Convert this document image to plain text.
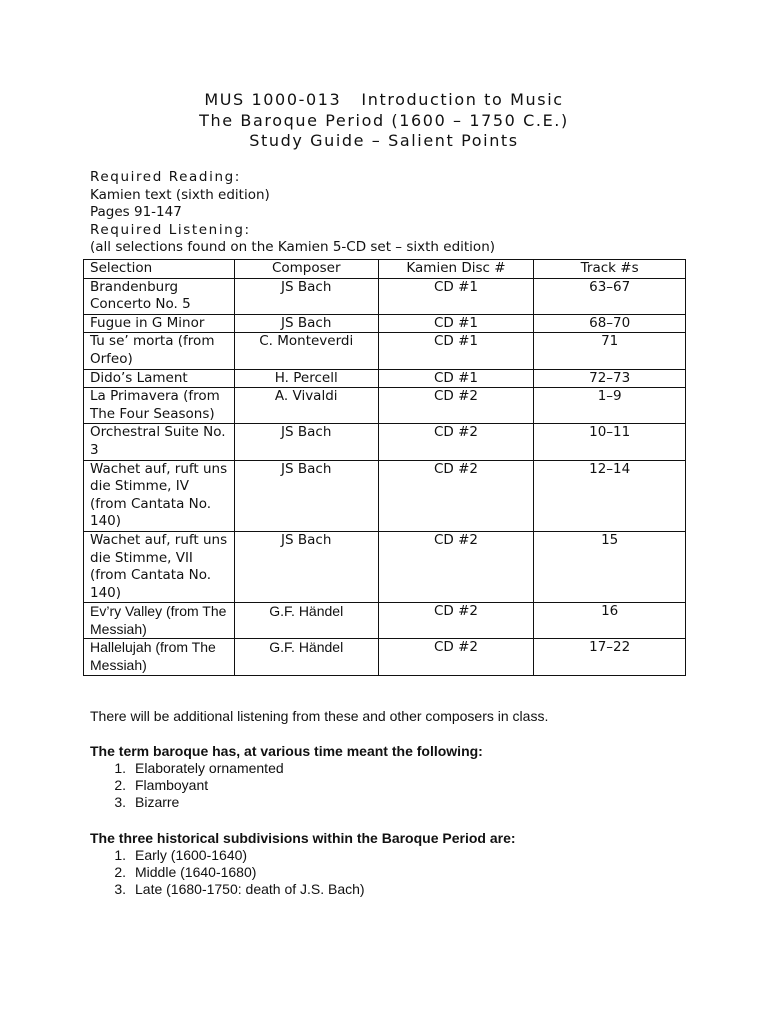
MUS 1000-013   Introduction to Music
The Baroque Period (1600 – 1750 C.E.)
Study Guide – Salient Points
Required Reading:
Kamien text (sixth edition)
Pages 91-147
Required Listening:
(all selections found on the Kamien 5-CD set – sixth edition)
Selection	Composer	Kamien Disc #	Track #s
Brandenburg Concerto No. 5	JS Bach	CD #1	63–67
Fugue in G Minor	JS Bach	CD #1	68–70
Tu se’ morta (from Orfeo)	C. Monteverdi	CD #1	71
Dido’s Lament	H. Percell	CD #1	72–73
La Primavera (from The Four Seasons)	A. Vivaldi	CD #2	1–9
Orchestral Suite No. 3	JS Bach	CD #2	10–11
Wachet auf, ruft uns die Stimme, IV (from Cantata No. 140)	JS Bach	CD #2	12–14
Wachet auf, ruft uns die Stimme, VII (from Cantata No. 140)	JS Bach	CD #2	15
Ev’ry Valley (from The Messiah)	G.F. Händel	CD #2	16
Hallelujah (from The Messiah)	G.F. Händel	CD #2	17–22
There will be additional listening from these and other composers in class.
The term baroque has, at various time meant the following:
1. Elaborately ornamented
2. Flamboyant
3. Bizarre
The three historical subdivisions within the Baroque Period are:
1. Early (1600-1640)
2. Middle (1640-1680)
3. Late (1680-1750: death of J.S. Bach)
